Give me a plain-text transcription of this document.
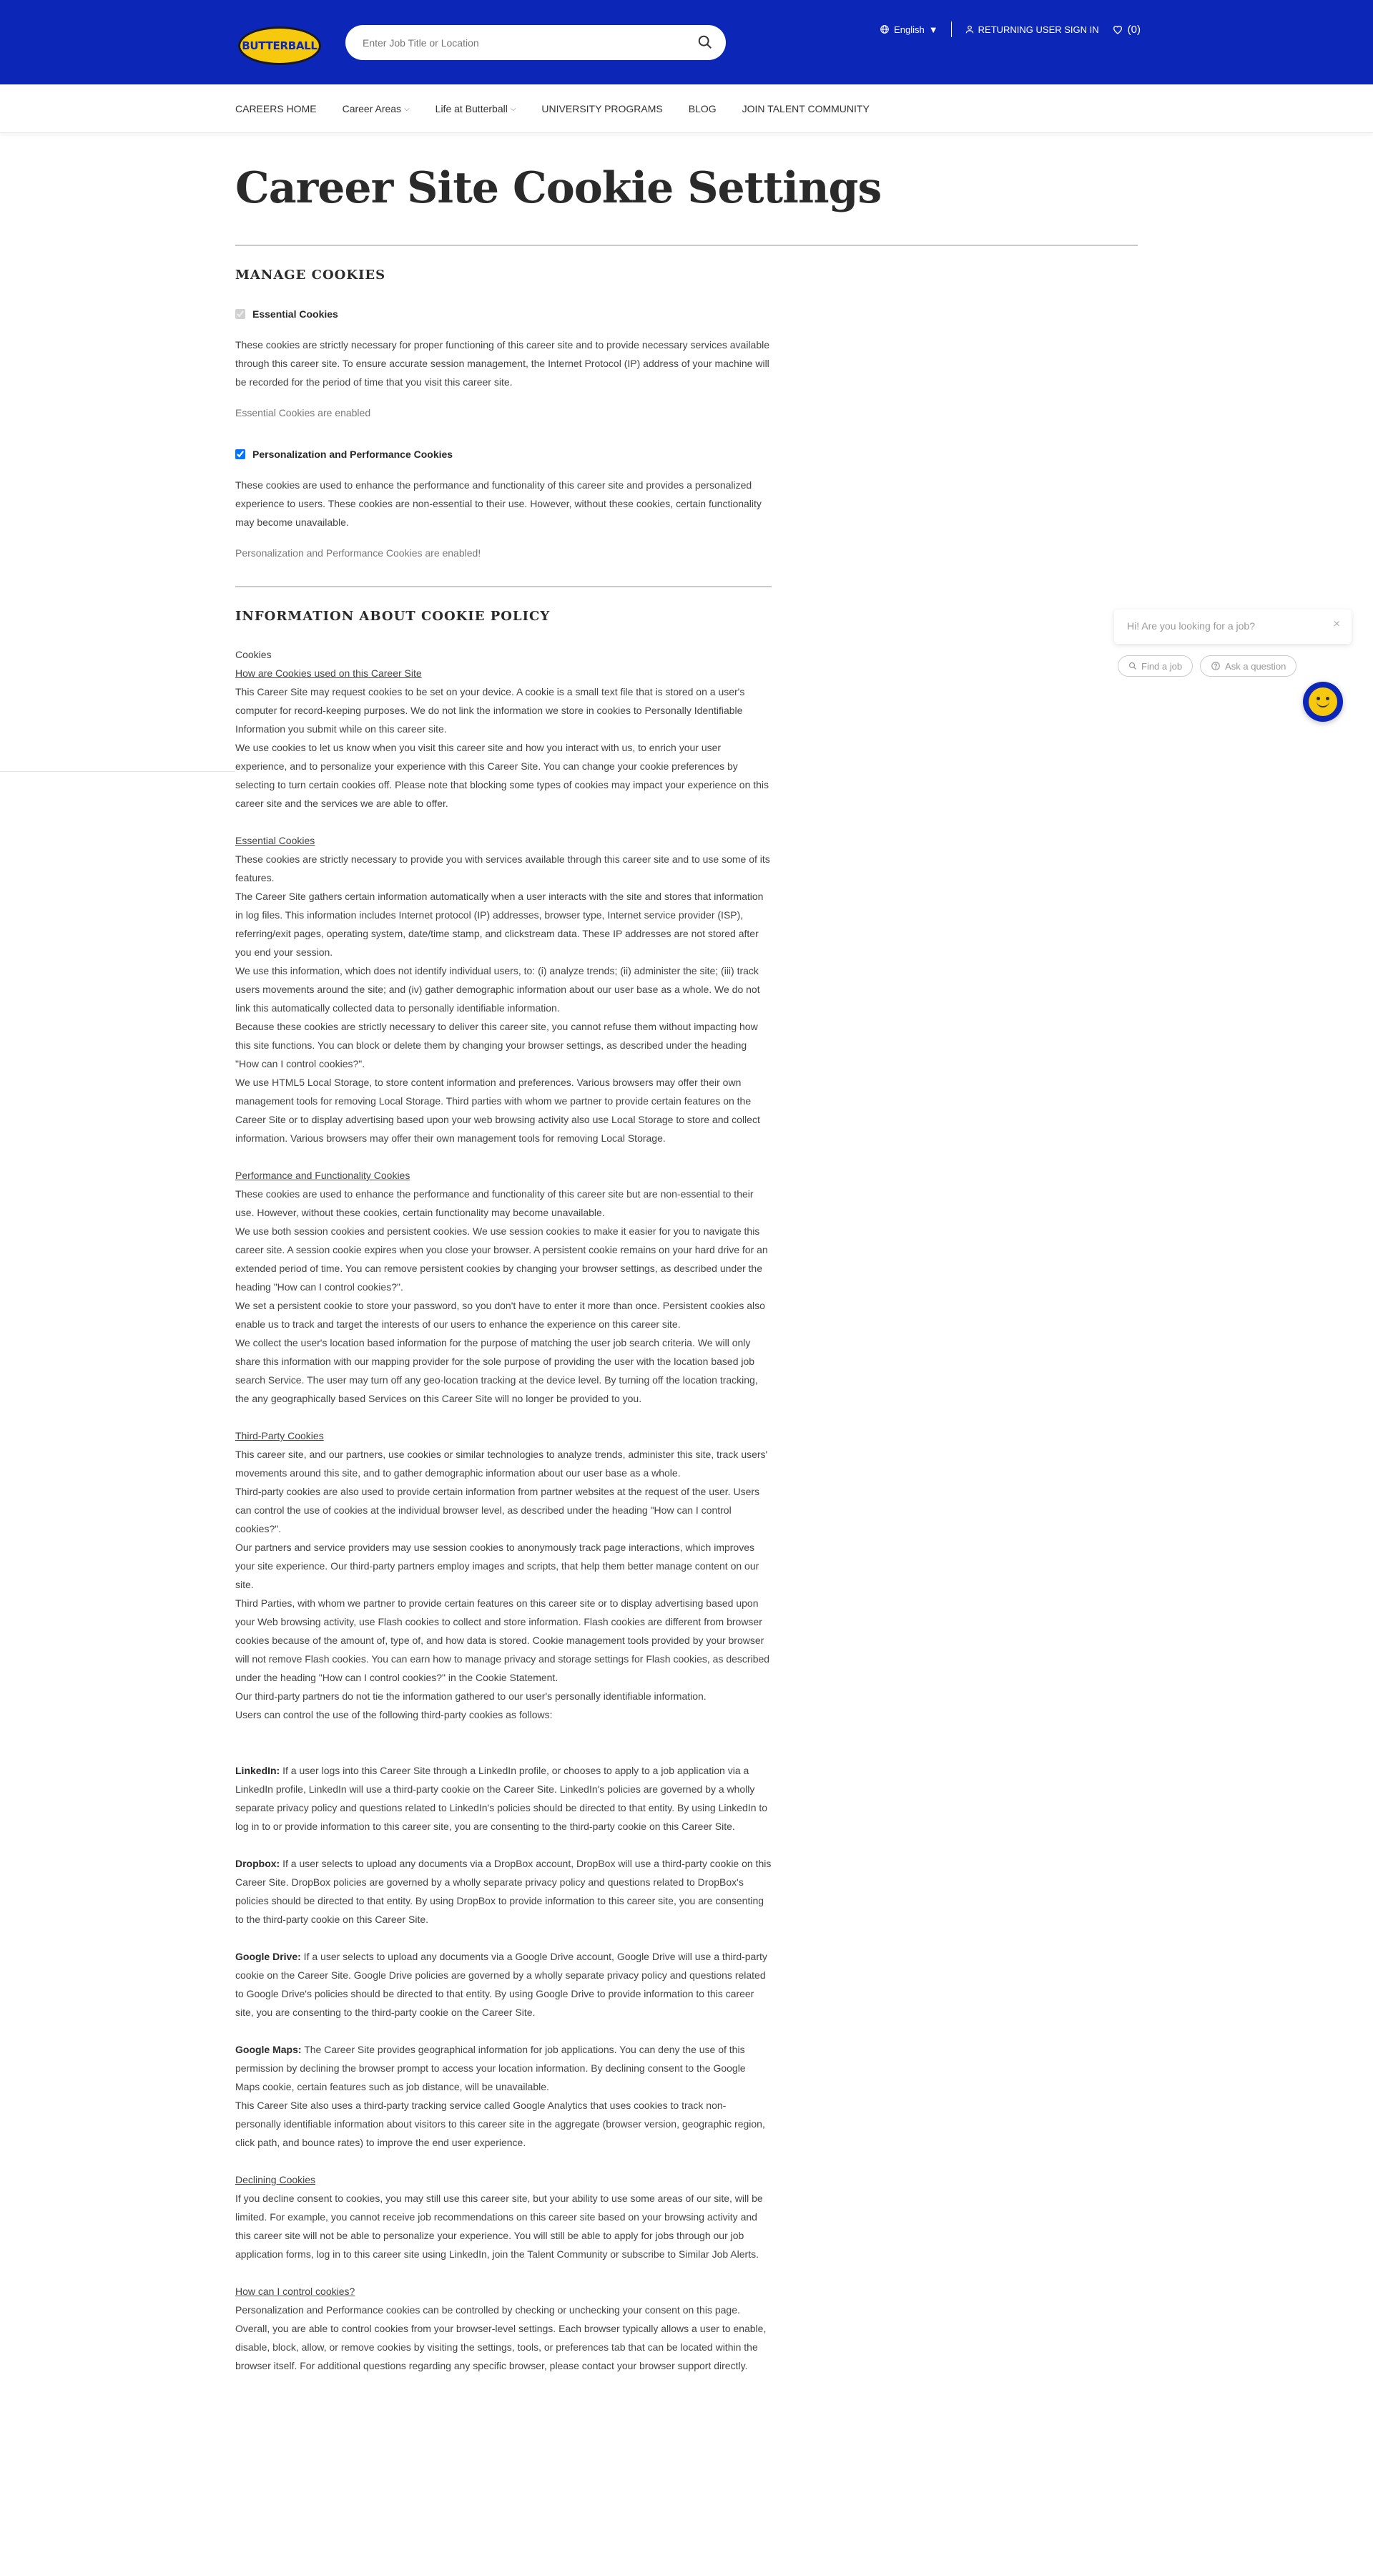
BUTTERBALL
Enter Job Title or Location
English ▼	RETURNING USER SIGN IN	(0)
CAREERS HOME	Career Areas ⌵	Life at Butterball ⌵	UNIVERSITY PROGRAMS	BLOG	JOIN TALENT COMMUNITY
Career Site Cookie Settings
MANAGE COOKIES
Essential Cookies

These cookies are strictly necessary for proper functioning of this career site and to provide necessary services available through this career site. To ensure accurate session management, the Internet Protocol (IP) address of your machine will be recorded for the period of time that you visit this career site.

Essential Cookies are enabled

Personalization and Performance Cookies

These cookies are used to enhance the performance and functionality of this career site and provides a personalized experience to users. These cookies are non-essential to their use. However, without these cookies, certain functionality may become unavailable.

Personalization and Performance Cookies are enabled!

INFORMATION ABOUT COOKIE POLICY
Cookies
How are Cookies used on this Career Site
This Career Site may request cookies to be set on your device. A cookie is a small text file that is stored on a user's computer for record-keeping purposes. We do not link the information we store in cookies to Personally Identifiable Information you submit while on this career site.
We use cookies to let us know when you visit this career site and how you interact with us, to enrich your user experience, and to personalize your experience with this Career Site. You can change your cookie preferences by selecting to turn certain cookies off. Please note that blocking some types of cookies may impact your experience on this career site and the services we are able to offer.
Essential Cookies
These cookies are strictly necessary to provide you with services available through this career site and to use some of its features.
The Career Site gathers certain information automatically when a user interacts with the site and stores that information in log files. This information includes Internet protocol (IP) addresses, browser type, Internet service provider (ISP), referring/exit pages, operating system, date/time stamp, and clickstream data. These IP addresses are not stored after you end your session.
We use this information, which does not identify individual users, to: (i) analyze trends; (ii) administer the site; (iii) track users movements around the site; and (iv) gather demographic information about our user base as a whole. We do not link this automatically collected data to personally identifiable information.
Because these cookies are strictly necessary to deliver this career site, you cannot refuse them without impacting how this site functions. You can block or delete them by changing your browser settings, as described under the heading "How can I control cookies?".
We use HTML5 Local Storage, to store content information and preferences. Various browsers may offer their own management tools for removing Local Storage. Third parties with whom we partner to provide certain features on the Career Site or to display advertising based upon your web browsing activity also use Local Storage to store and collect information. Various browsers may offer their own management tools for removing Local Storage.
Performance and Functionality Cookies
These cookies are used to enhance the performance and functionality of this career site but are non-essential to their use. However, without these cookies, certain functionality may become unavailable.
We use both session cookies and persistent cookies. We use session cookies to make it easier for you to navigate this career site. A session cookie expires when you close your browser. A persistent cookie remains on your hard drive for an extended period of time. You can remove persistent cookies by changing your browser settings, as described under the heading "How can I control cookies?".
We set a persistent cookie to store your password, so you don't have to enter it more than once. Persistent cookies also enable us to track and target the interests of our users to enhance the experience on this career site.
We collect the user's location based information for the purpose of matching the user job search criteria. We will only share this information with our mapping provider for the sole purpose of providing the user with the location based job search Service. The user may turn off any geo-location tracking at the device level. By turning off the location tracking, the any geographically based Services on this Career Site will no longer be provided to you.
Third-Party Cookies
This career site, and our partners, use cookies or similar technologies to analyze trends, administer this site, track users' movements around this site, and to gather demographic information about our user base as a whole.
Third-party cookies are also used to provide certain information from partner websites at the request of the user. Users can control the use of cookies at the individual browser level, as described under the heading "How can I control cookies?".
Our partners and service providers may use session cookies to anonymously track page interactions, which improves your site experience. Our third-party partners employ images and scripts, that help them better manage content on our site.
Third Parties, with whom we partner to provide certain features on this career site or to display advertising based upon your Web browsing activity, use Flash cookies to collect and store information. Flash cookies are different from browser cookies because of the amount of, type of, and how data is stored. Cookie management tools provided by your browser will not remove Flash cookies. You can earn how to manage privacy and storage settings for Flash cookies, as described under the heading "How can I control cookies?" in the Cookie Statement.
Our third-party partners do not tie the information gathered to our user's personally identifiable information.
Users can control the use of the following third-party cookies as follows:
LinkedIn: If a user logs into this Career Site through a LinkedIn profile, or chooses to apply to a job application via a LinkedIn profile, LinkedIn will use a third-party cookie on the Career Site. LinkedIn's policies are governed by a wholly separate privacy policy and questions related to LinkedIn's policies should be directed to that entity. By using LinkedIn to log in to or provide information to this career site, you are consenting to the third-party cookie on this Career Site.
Dropbox: If a user selects to upload any documents via a DropBox account, DropBox will use a third-party cookie on this Career Site. DropBox policies are governed by a wholly separate privacy policy and questions related to DropBox's policies should be directed to that entity. By using DropBox to provide information to this career site, you are consenting to the third-party cookie on this Career Site.
Google Drive: If a user selects to upload any documents via a Google Drive account, Google Drive will use a third-party cookie on the Career Site. Google Drive policies are governed by a wholly separate privacy policy and questions related to Google Drive's policies should be directed to that entity. By using Google Drive to provide information to this career site, you are consenting to the third-party cookie on the Career Site.
Google Maps: The Career Site provides geographical information for job applications. You can deny the use of this permission by declining the browser prompt to access your location information. By declining consent to the Google Maps cookie, certain features such as job distance, will be unavailable.
This Career Site also uses a third-party tracking service called Google Analytics that uses cookies to track non-personally identifiable information about visitors to this career site in the aggregate (browser version, geographic region, click path, and bounce rates) to improve the end user experience.
Declining Cookies
If you decline consent to cookies, you may still use this career site, but your ability to use some areas of our site, will be limited. For example, you cannot receive job recommendations on this career site based on your browsing activity and this career site will not be able to personalize your experience. You will still be able to apply for jobs through our job application forms, log in to this career site using LinkedIn, join the Talent Community or subscribe to Similar Job Alerts.
How can I control cookies?
Personalization and Performance cookies can be controlled by checking or unchecking your consent on this page.
Overall, you are able to control cookies from your browser-level settings. Each browser typically allows a user to enable, disable, block, allow, or remove cookies by visiting the settings, tools, or preferences tab that can be located within the browser itself. For additional questions regarding any specific browser, please contact your browser support directly.
Hi! Are you looking for a job?	×
Find a job	Ask a question
